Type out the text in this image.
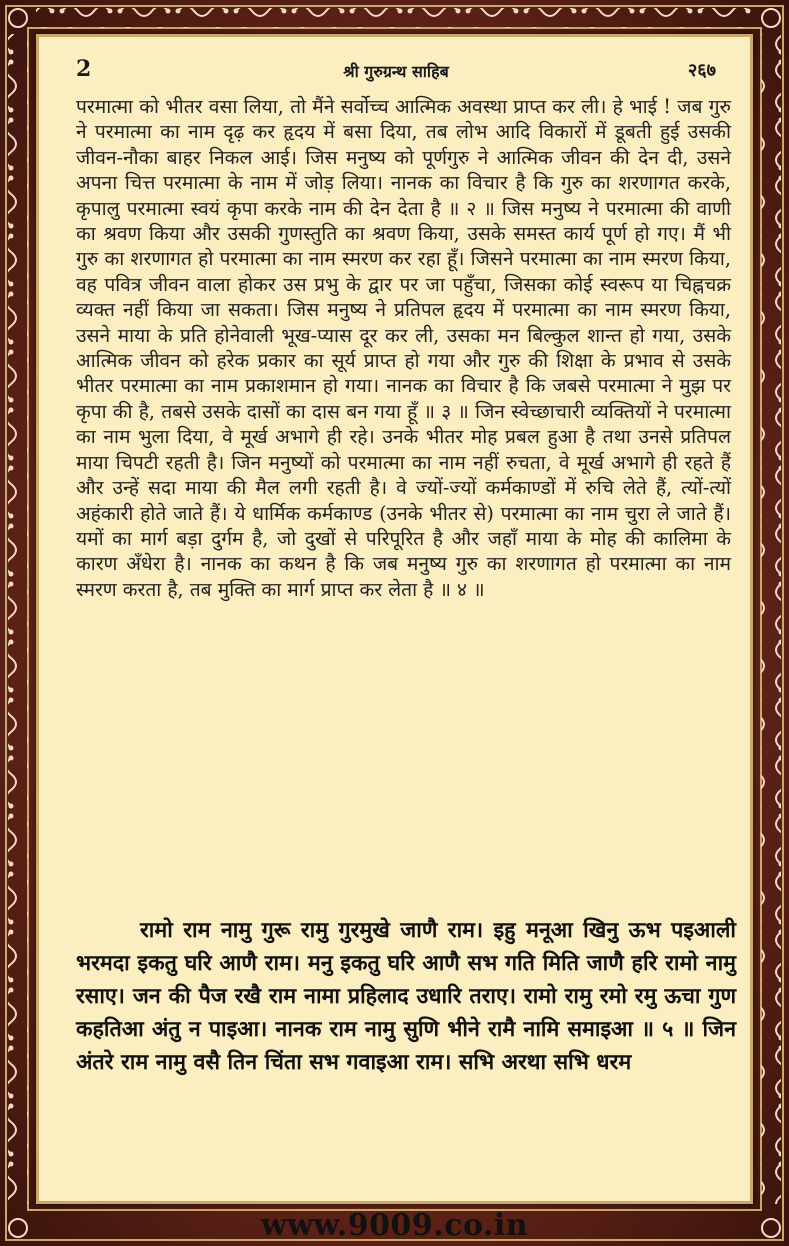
2	श्री गुरुग्रन्थ साहिब	२६७

परमात्मा को भीतर वसा लिया, तो मैंने सर्वोच्च आत्मिक अवस्था प्राप्त कर ली। हे भाई ! जब गुरु ने परमात्मा का नाम दृढ़ कर हृदय में बसा दिया, तब लोभ आदि विकारों में डूबती हुई उसकी जीवन-नौका बाहर निकल आई। जिस मनुष्य को पूर्णगुरु ने आत्मिक जीवन की देन दी, उसने अपना चित्त परमात्मा के नाम में जोड़ लिया। नानक का विचार है कि गुरु का शरणागत करके, कृपालु परमात्मा स्वयं कृपा करके नाम की देन देता है ॥ २ ॥ जिस मनुष्य ने परमात्मा की वाणी का श्रवण किया और उसकी गुणस्तुति का श्रवण किया, उसके समस्त कार्य पूर्ण हो गए। मैं भी गुरु का शरणागत हो परमात्मा का नाम स्मरण कर रहा हूँ। जिसने परमात्मा का नाम स्मरण किया, वह पवित्र जीवन वाला होकर उस प्रभु के द्वार पर जा पहुँचा, जिसका कोई स्वरूप या चिह्नचक्र व्यक्त नहीं किया जा सकता। जिस मनुष्य ने प्रतिपल हृदय में परमात्मा का नाम स्मरण किया, उसने माया के प्रति होनेवाली भूख-प्यास दूर कर ली, उसका मन बिल्कुल शान्त हो गया, उसके आत्मिक जीवन को हरेक प्रकार का सूर्य प्राप्त हो गया और गुरु की शिक्षा के प्रभाव से उसके भीतर परमात्मा का नाम प्रकाशमान हो गया। नानक का विचार है कि जबसे परमात्मा ने मुझ पर कृपा की है, तबसे उसके दासों का दास बन गया हूँ ॥ ३ ॥ जिन स्वेच्छाचारी व्यक्तियों ने परमात्मा का नाम भुला दिया, वे मूर्ख अभागे ही रहे। उनके भीतर मोह प्रबल हुआ है तथा उनसे प्रतिपल माया चिपटी रहती है। जिन मनुष्यों को परमात्मा का नाम नहीं रुचता, वे मूर्ख अभागे ही रहते हैं और उन्हें सदा माया की मैल लगी रहती है। वे ज्यों-ज्यों कर्मकाण्डों में रुचि लेते हैं, त्यों-त्यों अहंकारी होते जाते हैं। ये धार्मिक कर्मकाण्ड (उनके भीतर से) परमात्मा का नाम चुरा ले जाते हैं। यमों का मार्ग बड़ा दुर्गम है, जो दुखों से परिपूरित है और जहाँ माया के मोह की कालिमा के कारण अँधेरा है। नानक का कथन है कि जब मनुष्य गुरु का शरणागत हो परमात्मा का नाम स्मरण करता है, तब मुक्ति का मार्ग प्राप्त कर लेता है ॥ ४ ॥

रामो राम नामु गुरू रामु गुरमुखे जाणै राम। इहु मनूआ खिनु ऊभ पइआली भरमदा इकतु घरि आणै राम। मनु इकतु घरि आणै सभ गति मिति जाणै हरि रामो नामु रसाए। जन की पैज रखै राम नामा प्रहिलाद उधारि तराए। रामो रामु रमो रमु ऊचा गुण कहतिआ अंतु न पाइआ। नानक राम नामु सुणि भीने रामै नामि समाइआ ॥ ५ ॥ जिन अंतरे राम नामु वसै तिन चिंता सभ गवाइआ राम। सभि अरथा सभि धरम

www.9009.co.in
